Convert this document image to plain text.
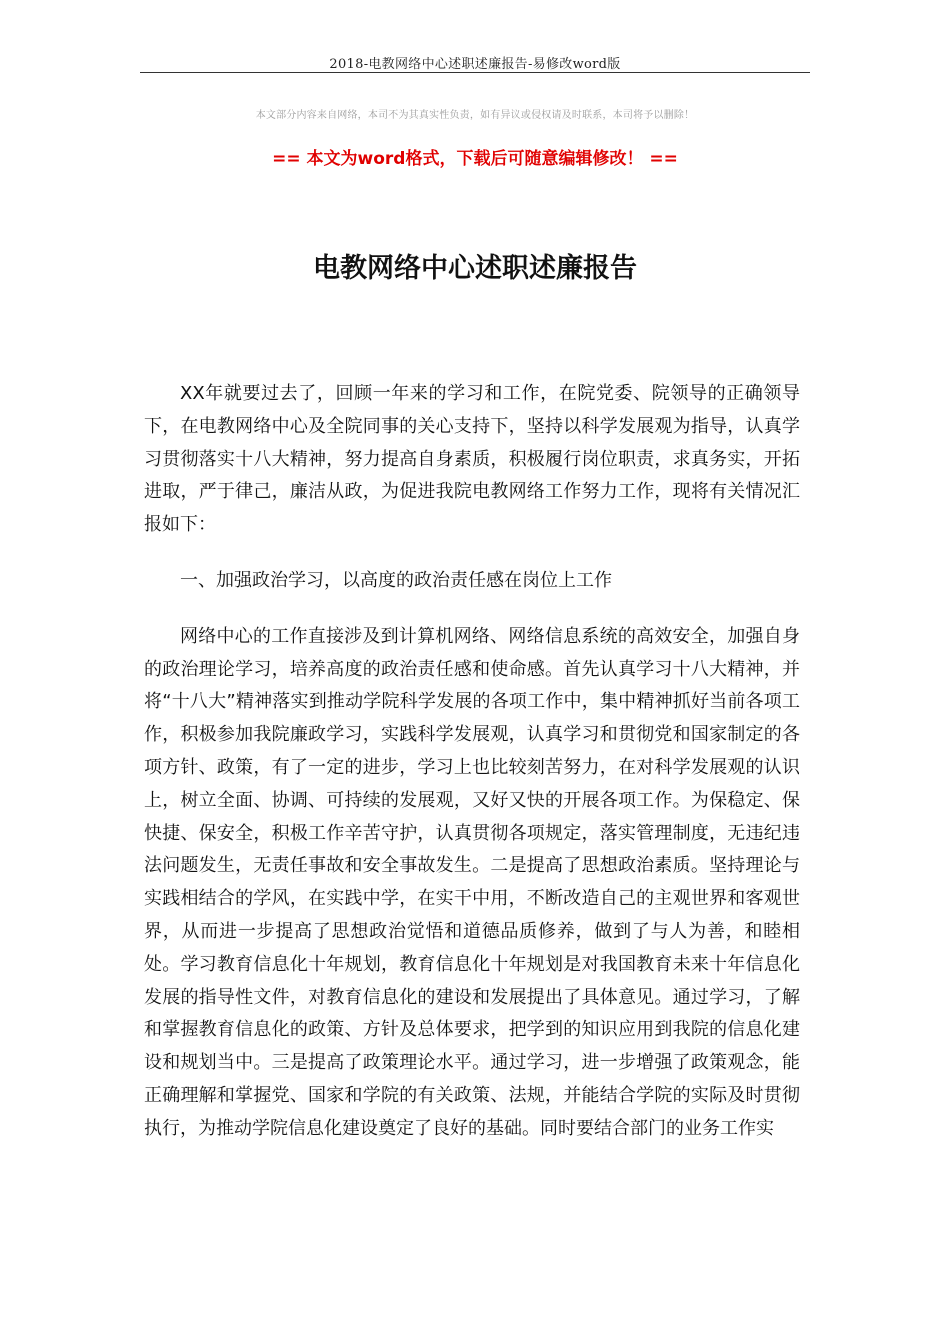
2018-电教网络中心述职述廉报告-易修改word版
本文部分内容来自网络，本司不为其真实性负责，如有异议或侵权请及时联系，本司将予以删除！
== 本文为word格式，下载后可随意编辑修改！ ==
电教网络中心述职述廉报告

XX年就要过去了，回顾一年来的学习和工作，在院党委、院领导的正确领导下，在电教网络中心及全院同事的关心支持下，坚持以科学发展观为指导，认真学习贯彻落实十八大精神，努力提高自身素质，积极履行岗位职责，求真务实，开拓进取，严于律己，廉洁从政，为促进我院电教网络工作努力工作，现将有关情况汇报如下：

一、加强政治学习，以高度的政治责任感在岗位上工作

网络中心的工作直接涉及到计算机网络、网络信息系统的高效安全，加强自身的政治理论学习，培养高度的政治责任感和使命感。首先认真学习十八大精神，并将“十八大”精神落实到推动学院科学发展的各项工作中，集中精神抓好当前各项工作，积极参加我院廉政学习，实践科学发展观，认真学习和贯彻党和国家制定的各项方针、政策，有了一定的进步，学习上也比较刻苦努力，在对科学发展观的认识上，树立全面、协调、可持续的发展观，又好又快的开展各项工作。为保稳定、保快捷、保安全，积极工作辛苦守护，认真贯彻各项规定，落实管理制度，无违纪违法问题发生，无责任事故和安全事故发生。二是提高了思想政治素质。坚持理论与实践相结合的学风，在实践中学，在实干中用，不断改造自己的主观世界和客观世界，从而进一步提高了思想政治觉悟和道德品质修养，做到了与人为善，和睦相处。学习教育信息化十年规划，教育信息化十年规划是对我国教育未来十年信息化发展的指导性文件，对教育信息化的建设和发展提出了具体意见。通过学习，了解和掌握教育信息化的政策、方针及总体要求，把学到的知识应用到我院的信息化建设和规划当中。三是提高了政策理论水平。通过学习，进一步增强了政策观念，能正确理解和掌握党、国家和学院的有关政策、法规，并能结合学院的实际及时贯彻执行，为推动学院信息化建设奠定了良好的基础。同时要结合部门的业务工作实
